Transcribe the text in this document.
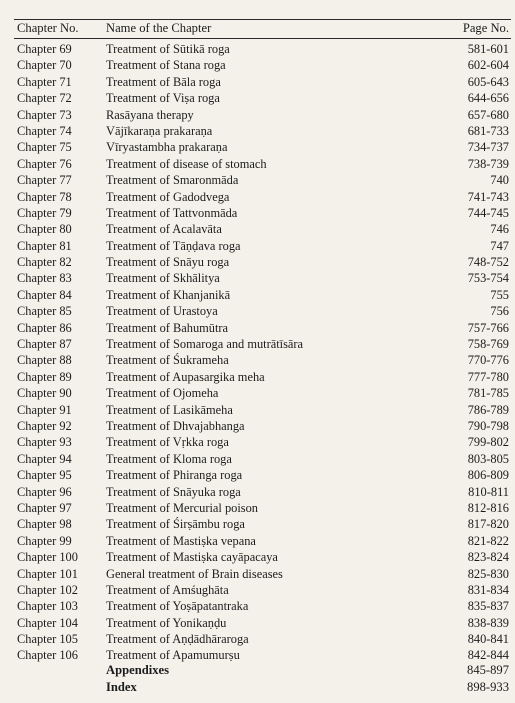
Chapter No. Name of the Chapter	Page No.
Chapter 69	Treatment of Sūtikā roga	581-601
Chapter 70	Treatment of Stana roga	602-604
Chapter 71	Treatment of Bāla roga	605-643
Chapter 72	Treatment of Viṣa roga	644-656
Chapter 73	Rasāyana therapy	657-680
Chapter 74	Vājīkaraṇa prakaraṇa	681-733
Chapter 75	Vīryastambha prakaraṇa	734-737
Chapter 76	Treatment of disease of stomach	738-739
Chapter 77	Treatment of Smaronmāda	740
Chapter 78	Treatment of Gadodvega	741-743
Chapter 79	Treatment of Tattvonmāda	744-745
Chapter 80	Treatment of Acalavāta	746
Chapter 81	Treatment of Tāṇḍava roga	747
Chapter 82	Treatment of Snāyu roga	748-752
Chapter 83	Treatment of Skhālitya	753-754
Chapter 84	Treatment of Khanjanikā	755
Chapter 85	Treatment of Urastoya	756
Chapter 86	Treatment of Bahumūtra	757-766
Chapter 87	Treatment of Somaroga and mutrātīsāra	758-769
Chapter 88	Treatment of Śukrameha	770-776
Chapter 89	Treatment of Aupasargika meha	777-780
Chapter 90	Treatment of Ojomeha	781-785
Chapter 91	Treatment of Lasikāmeha	786-789
Chapter 92	Treatment of Dhvajabhanga	790-798
Chapter 93	Treatment of Vṛkka roga	799-802
Chapter 94	Treatment of Kloma roga	803-805
Chapter 95	Treatment of Phiranga roga	806-809
Chapter 96	Treatment of Snāyuka roga	810-811
Chapter 97	Treatment of Mercurial poison	812-816
Chapter 98	Treatment of Śirṣāmbu roga	817-820
Chapter 99	Treatment of Mastiṣka vepana	821-822
Chapter 100 Treatment of Mastiṣka cayāpacaya	823-824
Chapter 101 General treatment of Brain diseases	825-830
Chapter 102 Treatment of Amśughāta	831-834
Chapter 103 Treatment of Yoṣāpatantraka	835-837
Chapter 104 Treatment of Yonikaṇḍu	838-839
Chapter 105 Treatment of Aṇḍādhāraroga	840-841
Chapter 106 Treatment of Apamumurṣu	842-844
Appendixes	845-897
Index	898-933
